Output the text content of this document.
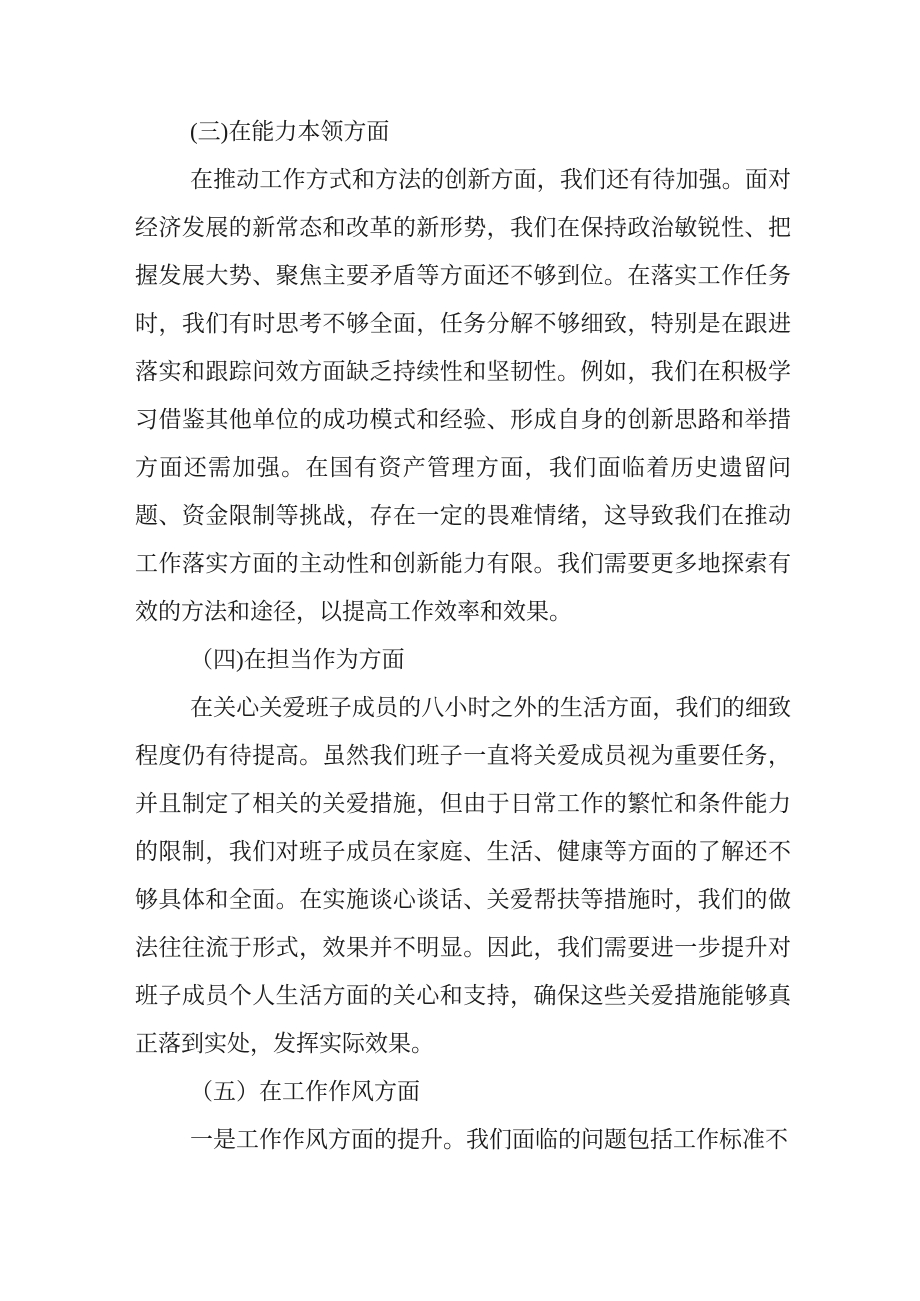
(三)在能力本领方面

在推动工作方式和方法的创新方面，我们还有待加强。面对经济发展的新常态和改革的新形势，我们在保持政治敏锐性、把握发展大势、聚焦主要矛盾等方面还不够到位。在落实工作任务时，我们有时思考不够全面，任务分解不够细致，特别是在跟进落实和跟踪问效方面缺乏持续性和坚韧性。例如，我们在积极学习借鉴其他单位的成功模式和经验、形成自身的创新思路和举措方面还需加强。在国有资产管理方面，我们面临着历史遗留问题、资金限制等挑战，存在一定的畏难情绪，这导致我们在推动工作落实方面的主动性和创新能力有限。我们需要更多地探索有效的方法和途径，以提高工作效率和效果。

（四)在担当作为方面

在关心关爱班子成员的八小时之外的生活方面，我们的细致程度仍有待提高。虽然我们班子一直将关爱成员视为重要任务，并且制定了相关的关爱措施，但由于日常工作的繁忙和条件能力的限制，我们对班子成员在家庭、生活、健康等方面的了解还不够具体和全面。在实施谈心谈话、关爱帮扶等措施时，我们的做法往往流于形式，效果并不明显。因此，我们需要进一步提升对班子成员个人生活方面的关心和支持，确保这些关爱措施能够真正落到实处，发挥实际效果。

（五）在工作作风方面

一是工作作风方面的提升。我们面临的问题包括工作标准不
